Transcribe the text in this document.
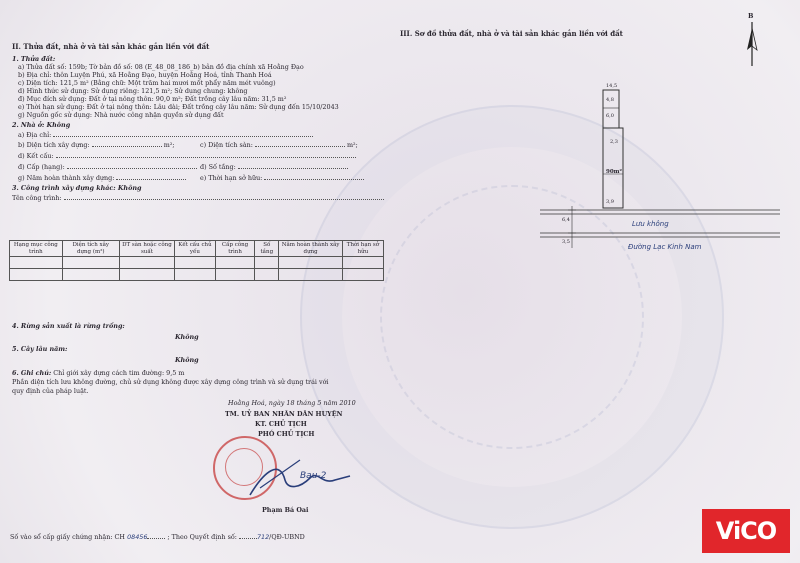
II. Thửa đất, nhà ở và tài sản khác gắn liền với đất
1. Thửa đất:
a) Thửa đất số: 159b; Tờ bản đồ số: 08 (E_48_08_186_b) bản đồ địa chính xã Hoằng Đạo
b) Địa chỉ: thôn Luyện Phú, xã Hoằng Đạo, huyện Hoằng Hoá, tỉnh Thanh Hoá
c) Diện tích: 121,5 m² (Bằng chữ: Một trăm hai mươi mốt phẩy năm mét vuông)
d) Hình thức sử dụng: Sử dụng riêng: 121,5 m²; Sử dụng chung: không
đ) Mục đích sử dụng: Đất ở tại nông thôn: 90,0 m²; Đất trồng cây lâu năm: 31,5 m²
e) Thời hạn sử dụng: Đất ở tại nông thôn: Lâu dài; Đất trồng cây lâu năm: Sử dụng đến 15/10/2043
g) Nguồn gốc sử dụng: Nhà nước công nhận quyền sử dụng đất
2. Nhà ở: Không
a) Địa chỉ:
b) Diện tích xây dựng:	m²;	c) Diện tích sàn:	m²;
d) Kết cấu:
đ) Cấp (hạng):	đ) Số tầng:
g) Năm hoàn thành xây dựng:	e) Thời hạn sở hữu:
3. Công trình xây dựng khác: Không
Tên công trình:
Hạng mục công trình	Diện tích xây dựng (m²)	DT sàn hoặc công suất	Kết cấu chủ yếu	Cấp công trình	Số tầng	Năm hoàn thành xây dựng	Thời hạn sở hữu

4. Rừng sản xuất là rừng trồng:
Không
5. Cây lâu năm:
Không
6. Ghi chú: Chỉ giới xây dựng cách tim đường: 9,5 m
Phần diện tích lưu không đường, chủ sử dụng không được xây dựng công trình và sử dụng trái với
quy định của pháp luật.
Hoằng Hoá, ngày 18 tháng 5 năm 2010
TM. UỶ BAN NHÂN DÂN HUYỆN
KT. CHỦ TỊCH
PHÓ CHỦ TỊCH
Bau-2
Phạm Bá Oai
Số vào sổ cấp giấy chứng nhận: CH 08456	; Theo Quyết định số:	712/QĐ-UBND
III. Sơ đồ thửa đất, nhà ở và tài sản khác gắn liền với đất
B
14,5
4,8
6,0
2,3
90m²
3,9
6,4
3,5
Lưu không
Đường Lạc Kinh Nam
ViCO
